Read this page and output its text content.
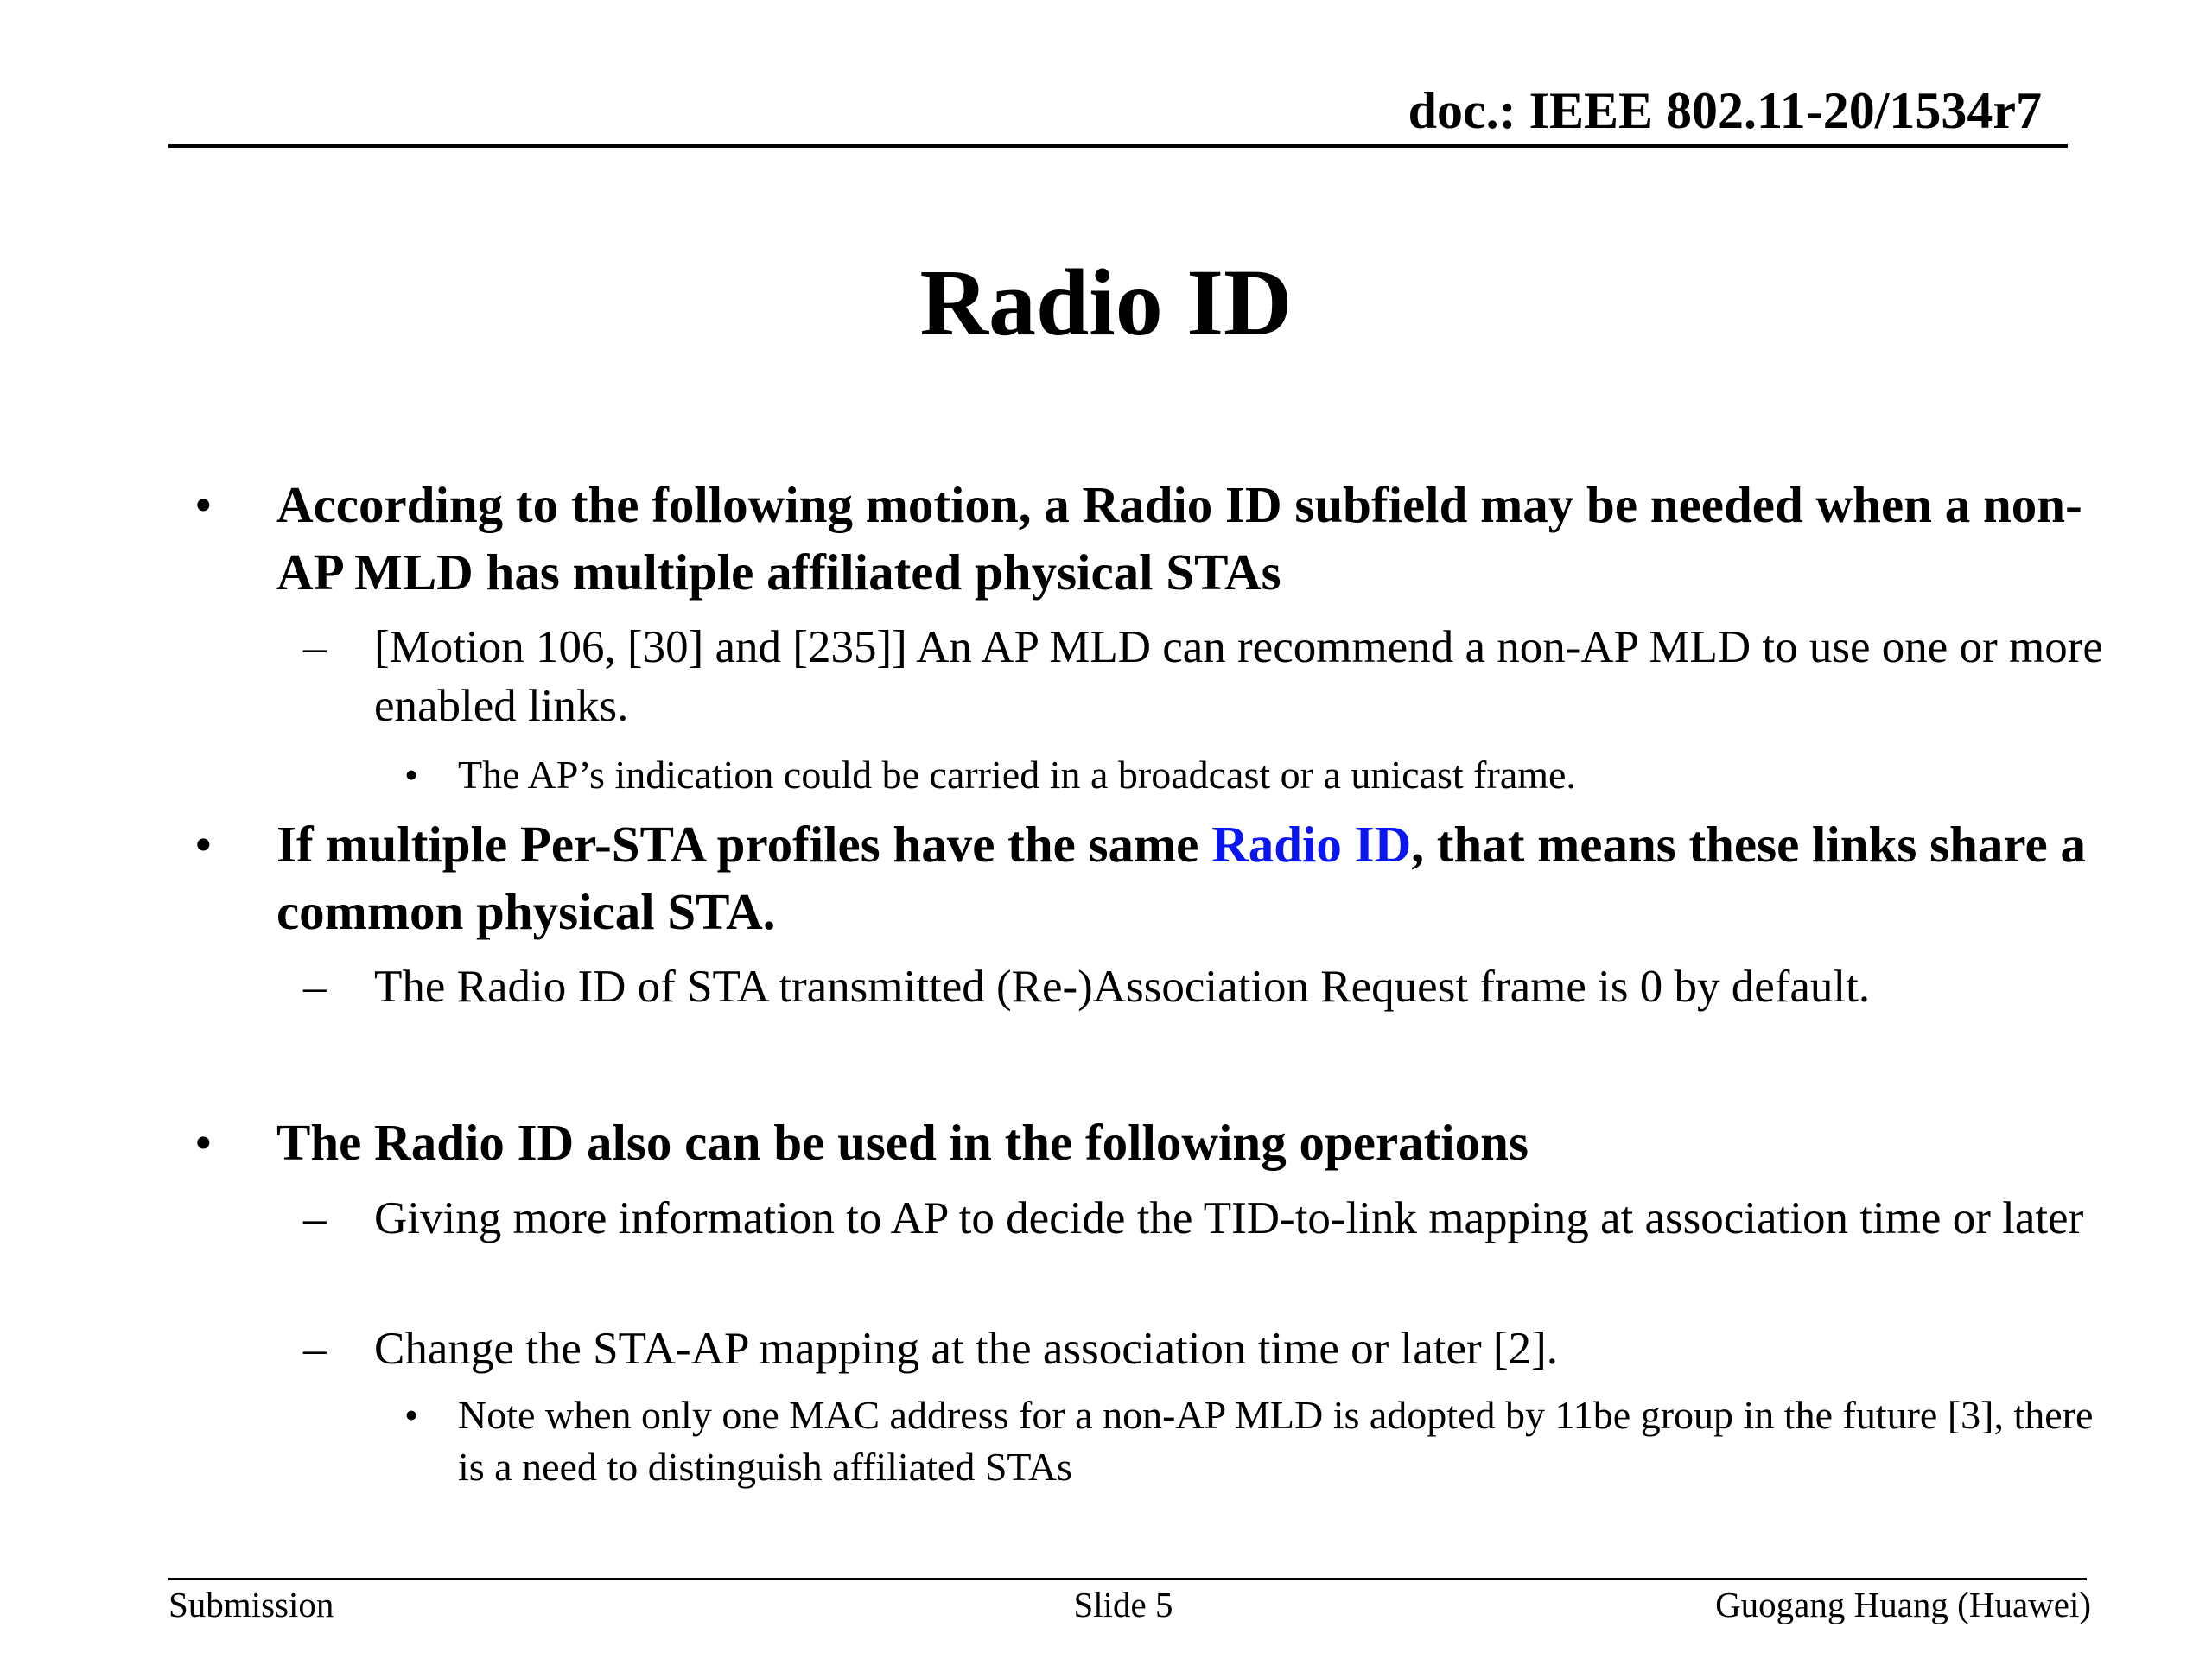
doc.: IEEE 802.11-20/1534r7
Radio ID

• According to the following motion, a Radio ID subfield may be needed when a non-AP MLD has multiple affiliated physical STAs

– [Motion 106, [30] and [235]] An AP MLD can recommend a non-AP MLD to use one or more enabled links.

• The AP’s indication could be carried in a broadcast or a unicast frame.

• If multiple Per-STA profiles have the same Radio ID, that means these links share a common physical STA.

– The Radio ID of STA transmitted (Re-)Association Request frame is 0 by default.

• The Radio ID also can be used in the following operations

– Giving more information to AP to decide the TID-to-link mapping at association time or later

– Change the STA-AP mapping at the association time or later [2].

• Note when only one MAC address for a non-AP MLD is adopted by 11be group in the future [3], there is a need to distinguish affiliated STAs

Submission	Slide 5	Guogang Huang (Huawei)
